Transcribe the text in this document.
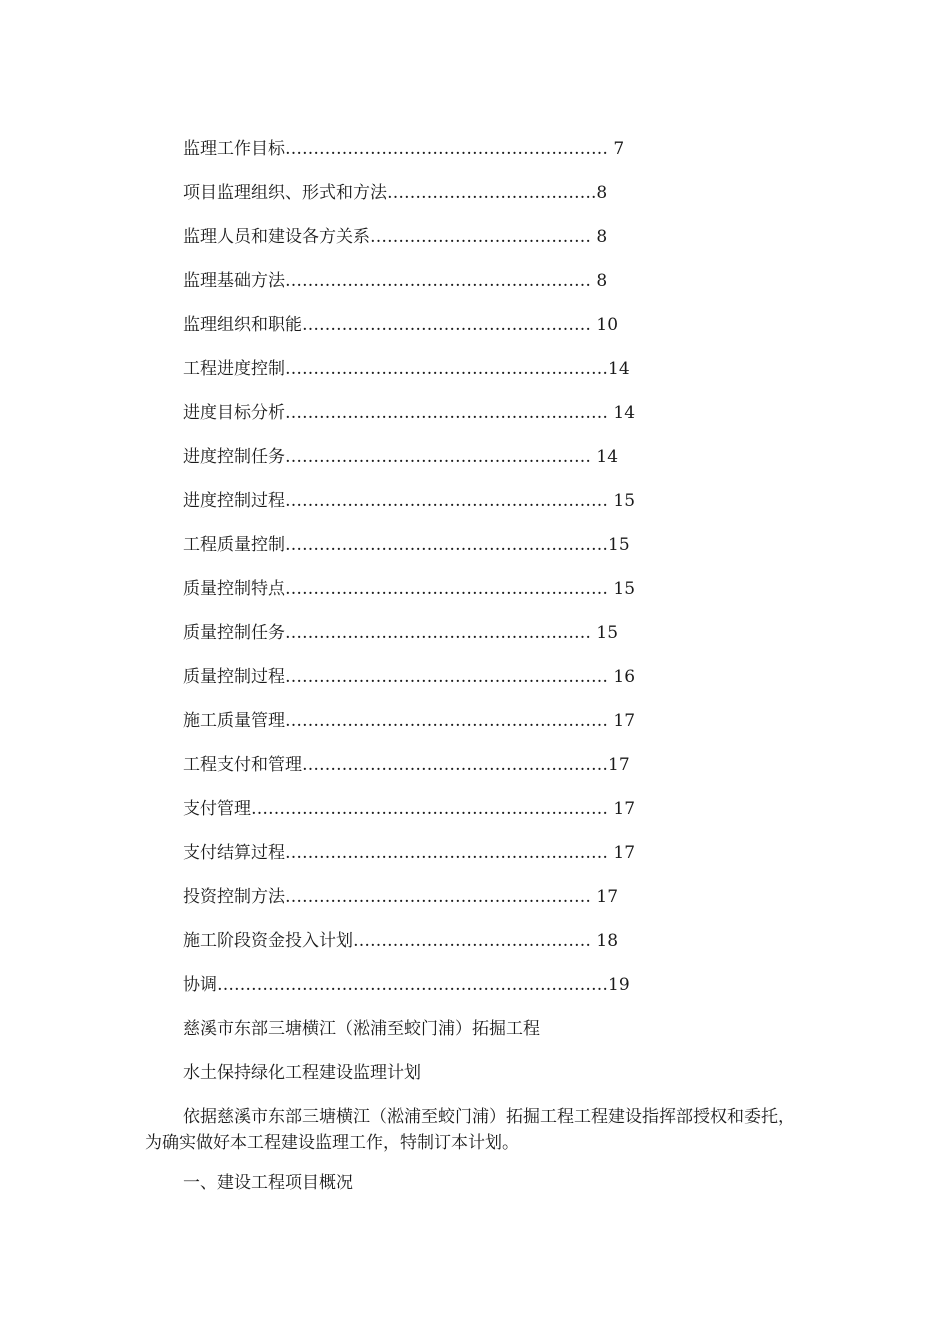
监理工作目标………………………………………………… 7
项目监理组织、形式和方法……………………………….8
监理人员和建设各方关系………………………………… 8
监理基础方法……………………………………………… 8
监理组织和职能…………………………………………… 10
工程进度控制…………………………………………………14
进度目标分析………………………………………………… 14
进度控制任务……………………………………………… 14
进度控制过程………………………………………………… 15
工程质量控制…………………………………………………15
质量控制特点………………………………………………… 15
质量控制任务……………………………………………… 15
质量控制过程………………………………………………… 16
施工质量管理………………………………………………… 17
工程支付和管理………………………………………………17
支付管理……………………………………………………… 17
支付结算过程………………………………………………… 17
投资控制方法……………………………………………… 17
施工阶段资金投入计划…………………………………… 18
协调……………………………………………………………19
慈溪市东部三塘横江（淞浦至蛟门浦）拓掘工程
水土保持绿化工程建设监理计划
依据慈溪市东部三塘横江（淞浦至蛟门浦）拓掘工程工程建设指挥部授权和委托，为确实做好本工程建设监理工作，特制订本计划。
一、建设工程项目概况
